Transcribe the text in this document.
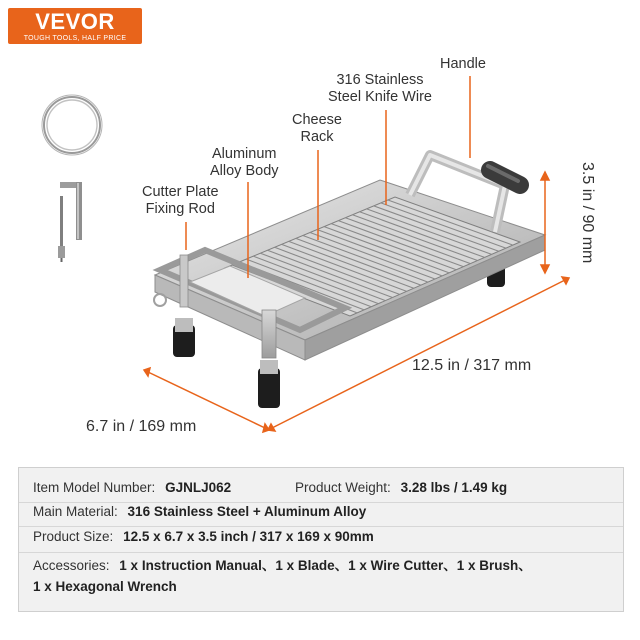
VEVOR
TOUGH TOOLS, HALF PRICE
Handle
316 Stainless
Steel Knife Wire
Cheese
Rack
Aluminum
Alloy Body
Cutter Plate
Fixing Rod	3.5 in / 90 mm
12.5 in / 317 mm
6.7 in / 169 mm
Item Model Number: GJNLJ062	Product Weight: 3.28 lbs / 1.49 kg
Main Material: 316 Stainless Steel + Aluminum Alloy
Product Size: 12.5 x 6.7 x 3.5 inch / 317 x 169 x 90mm
Accessories: 1 x Instruction Manual、1 x Blade、1 x Wire Cutter、1 x Brush、
1 x Hexagonal Wrench
